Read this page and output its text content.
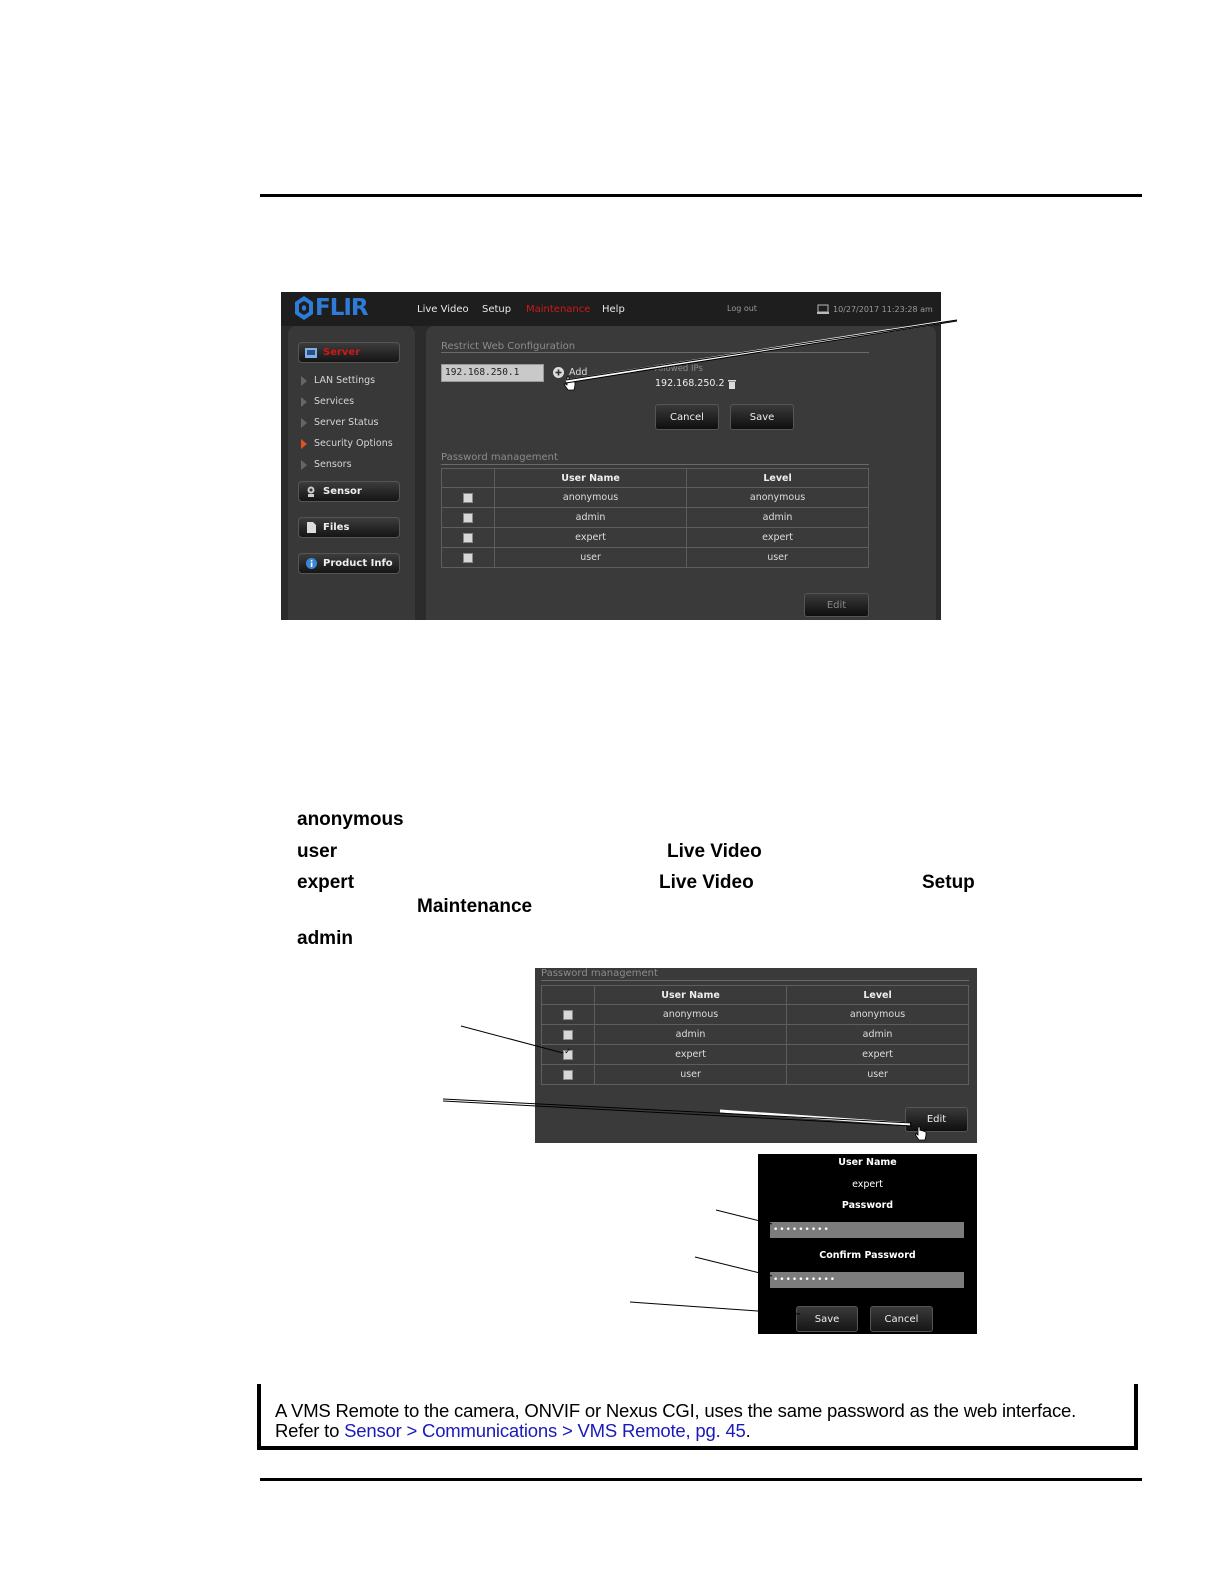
FLIR	Live Video Setup Maintenance Help	Log out	10/27/2017 11:23:28 am
Server
LAN Settings
Services
Server Status
Security Options
Sensors
Sensor
Files
Product Info
Restrict Web Configuration
192.168.250.1	Add	Allowed IPs
192.168.250.2
Cancel	Save
Password management
	User Name	Level
	anonymous	anonymous
	admin	admin
	expert	expert
	user	user
Edit
anonymous
user	Live Video
expert	Live Video	Setup
Maintenance
admin
Password management
	User Name	Level
	anonymous	anonymous
	admin	admin
✓	expert	expert
	user	user
Edit
User Name
expert
Password
•••••••••
Confirm Password
••••••••••
Save	Cancel

A VMS Remote to the camera, ONVIF or Nexus CGI, uses the same password as the web interface.

Refer to Sensor > Communications > VMS Remote, pg. 45.
